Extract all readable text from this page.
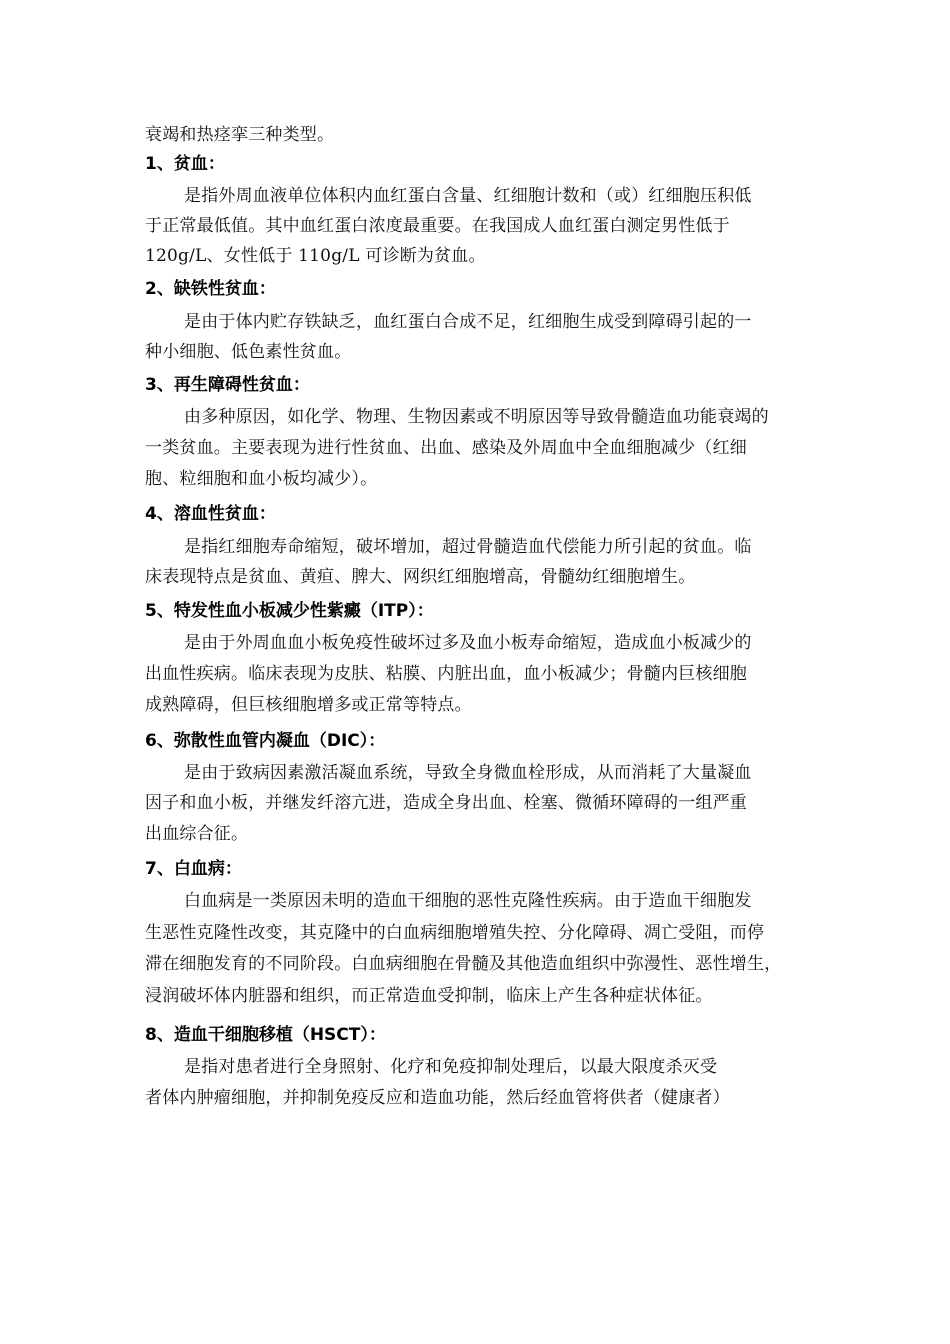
衰竭和热痉挛三种类型。
1、贫血：
是指外周血液单位体积内血红蛋白含量、红细胞计数和（或）红细胞压积低
于正常最低值。其中血红蛋白浓度最重要。在我国成人血红蛋白测定男性低于
120g/L、女性低于 110g/L 可诊断为贫血。
2、缺铁性贫血：
是由于体内贮存铁缺乏，血红蛋白合成不足，红细胞生成受到障碍引起的一
种小细胞、低色素性贫血。
3、再生障碍性贫血：
由多种原因，如化学、物理、生物因素或不明原因等导致骨髓造血功能衰竭的
一类贫血。主要表现为进行性贫血、出血、感染及外周血中全血细胞减少（红细
胞、粒细胞和血小板均减少）。
4、溶血性贫血：
是指红细胞寿命缩短，破坏增加，超过骨髓造血代偿能力所引起的贫血。临
床表现特点是贫血、黄疸、脾大、网织红细胞增高，骨髓幼红细胞增生。
5、特发性血小板减少性紫癜（ITP）：
是由于外周血血小板免疫性破坏过多及血小板寿命缩短，造成血小板减少的
出血性疾病。临床表现为皮肤、粘膜、内脏出血，血小板减少；骨髓内巨核细胞
成熟障碍，但巨核细胞增多或正常等特点。
6、弥散性血管内凝血（DIC）：
是由于致病因素激活凝血系统，导致全身微血栓形成，从而消耗了大量凝血
因子和血小板，并继发纤溶亢进，造成全身出血、栓塞、微循环障碍的一组严重
出血综合征。
7、白血病：
白血病是一类原因未明的造血干细胞的恶性克隆性疾病。由于造血干细胞发
生恶性克隆性改变，其克隆中的白血病细胞增殖失控、分化障碍、凋亡受阻，而停
滞在细胞发育的不同阶段。白血病细胞在骨髓及其他造血组织中弥漫性、恶性增生，
浸润破坏体内脏器和组织，而正常造血受抑制，临床上产生各种症状体征。
8、造血干细胞移植（HSCT）：
是指对患者进行全身照射、化疗和免疫抑制处理后，以最大限度杀灭受
者体内肿瘤细胞，并抑制免疫反应和造血功能，然后经血管将供者（健康者）
